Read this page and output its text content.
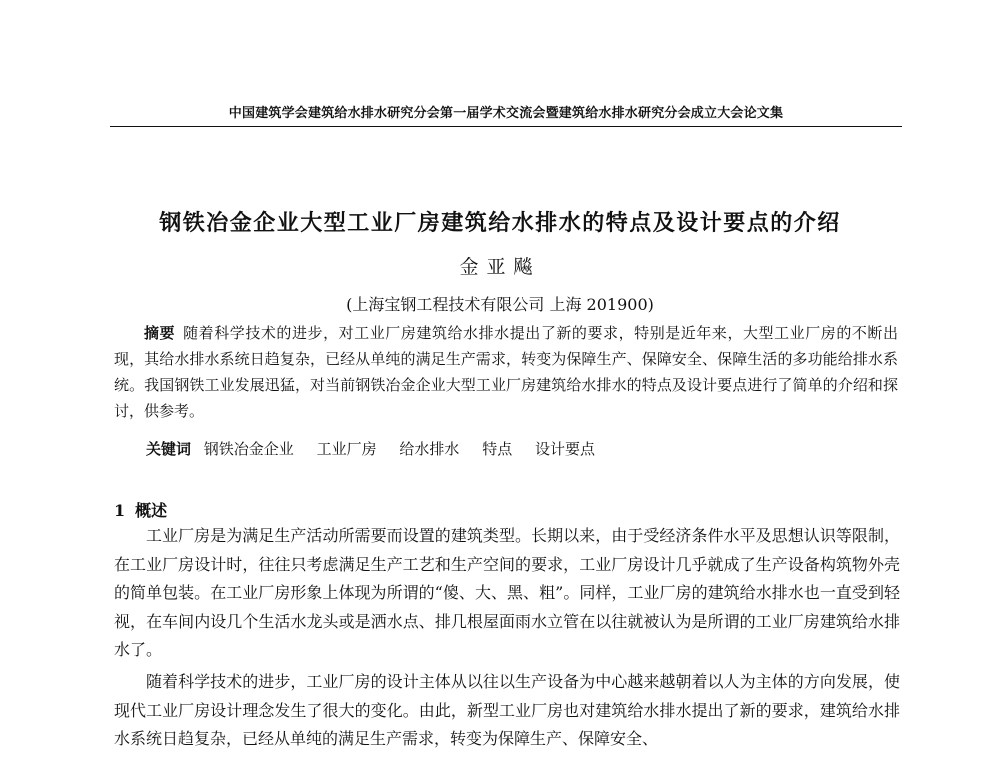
中国建筑学会建筑给水排水研究分会第一届学术交流会暨建筑给水排水研究分会成立大会论文集
钢铁冶金企业大型工业厂房建筑给水排水的特点及设计要点的介绍
金亚飚
(上海宝钢工程技术有限公司 上海 201900)

摘要 随着科学技术的进步，对工业厂房建筑给水排水提出了新的要求，特别是近年来，大型工业厂房的不断出现，其给水排水系统日趋复杂，已经从单纯的满足生产需求，转变为保障生产、保障安全、保障生活的多功能给排水系统。我国钢铁工业发展迅猛，对当前钢铁冶金企业大型工业厂房建筑给水排水的特点及设计要点进行了简单的介绍和探讨，供参考。

关键词 钢铁冶金企业 工业厂房 给水排水 特点 设计要点

1 概述

工业厂房是为满足生产活动所需要而设置的建筑类型。长期以来，由于受经济条件水平及思想认识等限制，在工业厂房设计时，往往只考虑满足生产工艺和生产空间的要求，工业厂房设计几乎就成了生产设备构筑物外壳的简单包装。在工业厂房形象上体现为所谓的“傻、大、黑、粗”。同样，工业厂房的建筑给水排水也一直受到轻视，在车间内设几个生活水龙头或是洒水点、排几根屋面雨水立管在以往就被认为是所谓的工业厂房建筑给水排水了。

随着科学技术的进步，工业厂房的设计主体从以往以生产设备为中心越来越朝着以人为主体的方向发展，使现代工业厂房设计理念发生了很大的变化。由此，新型工业厂房也对建筑给水排水提出了新的要求，建筑给水排水系统日趋复杂，已经从单纯的满足生产需求，转变为保障生产、保障安全、
